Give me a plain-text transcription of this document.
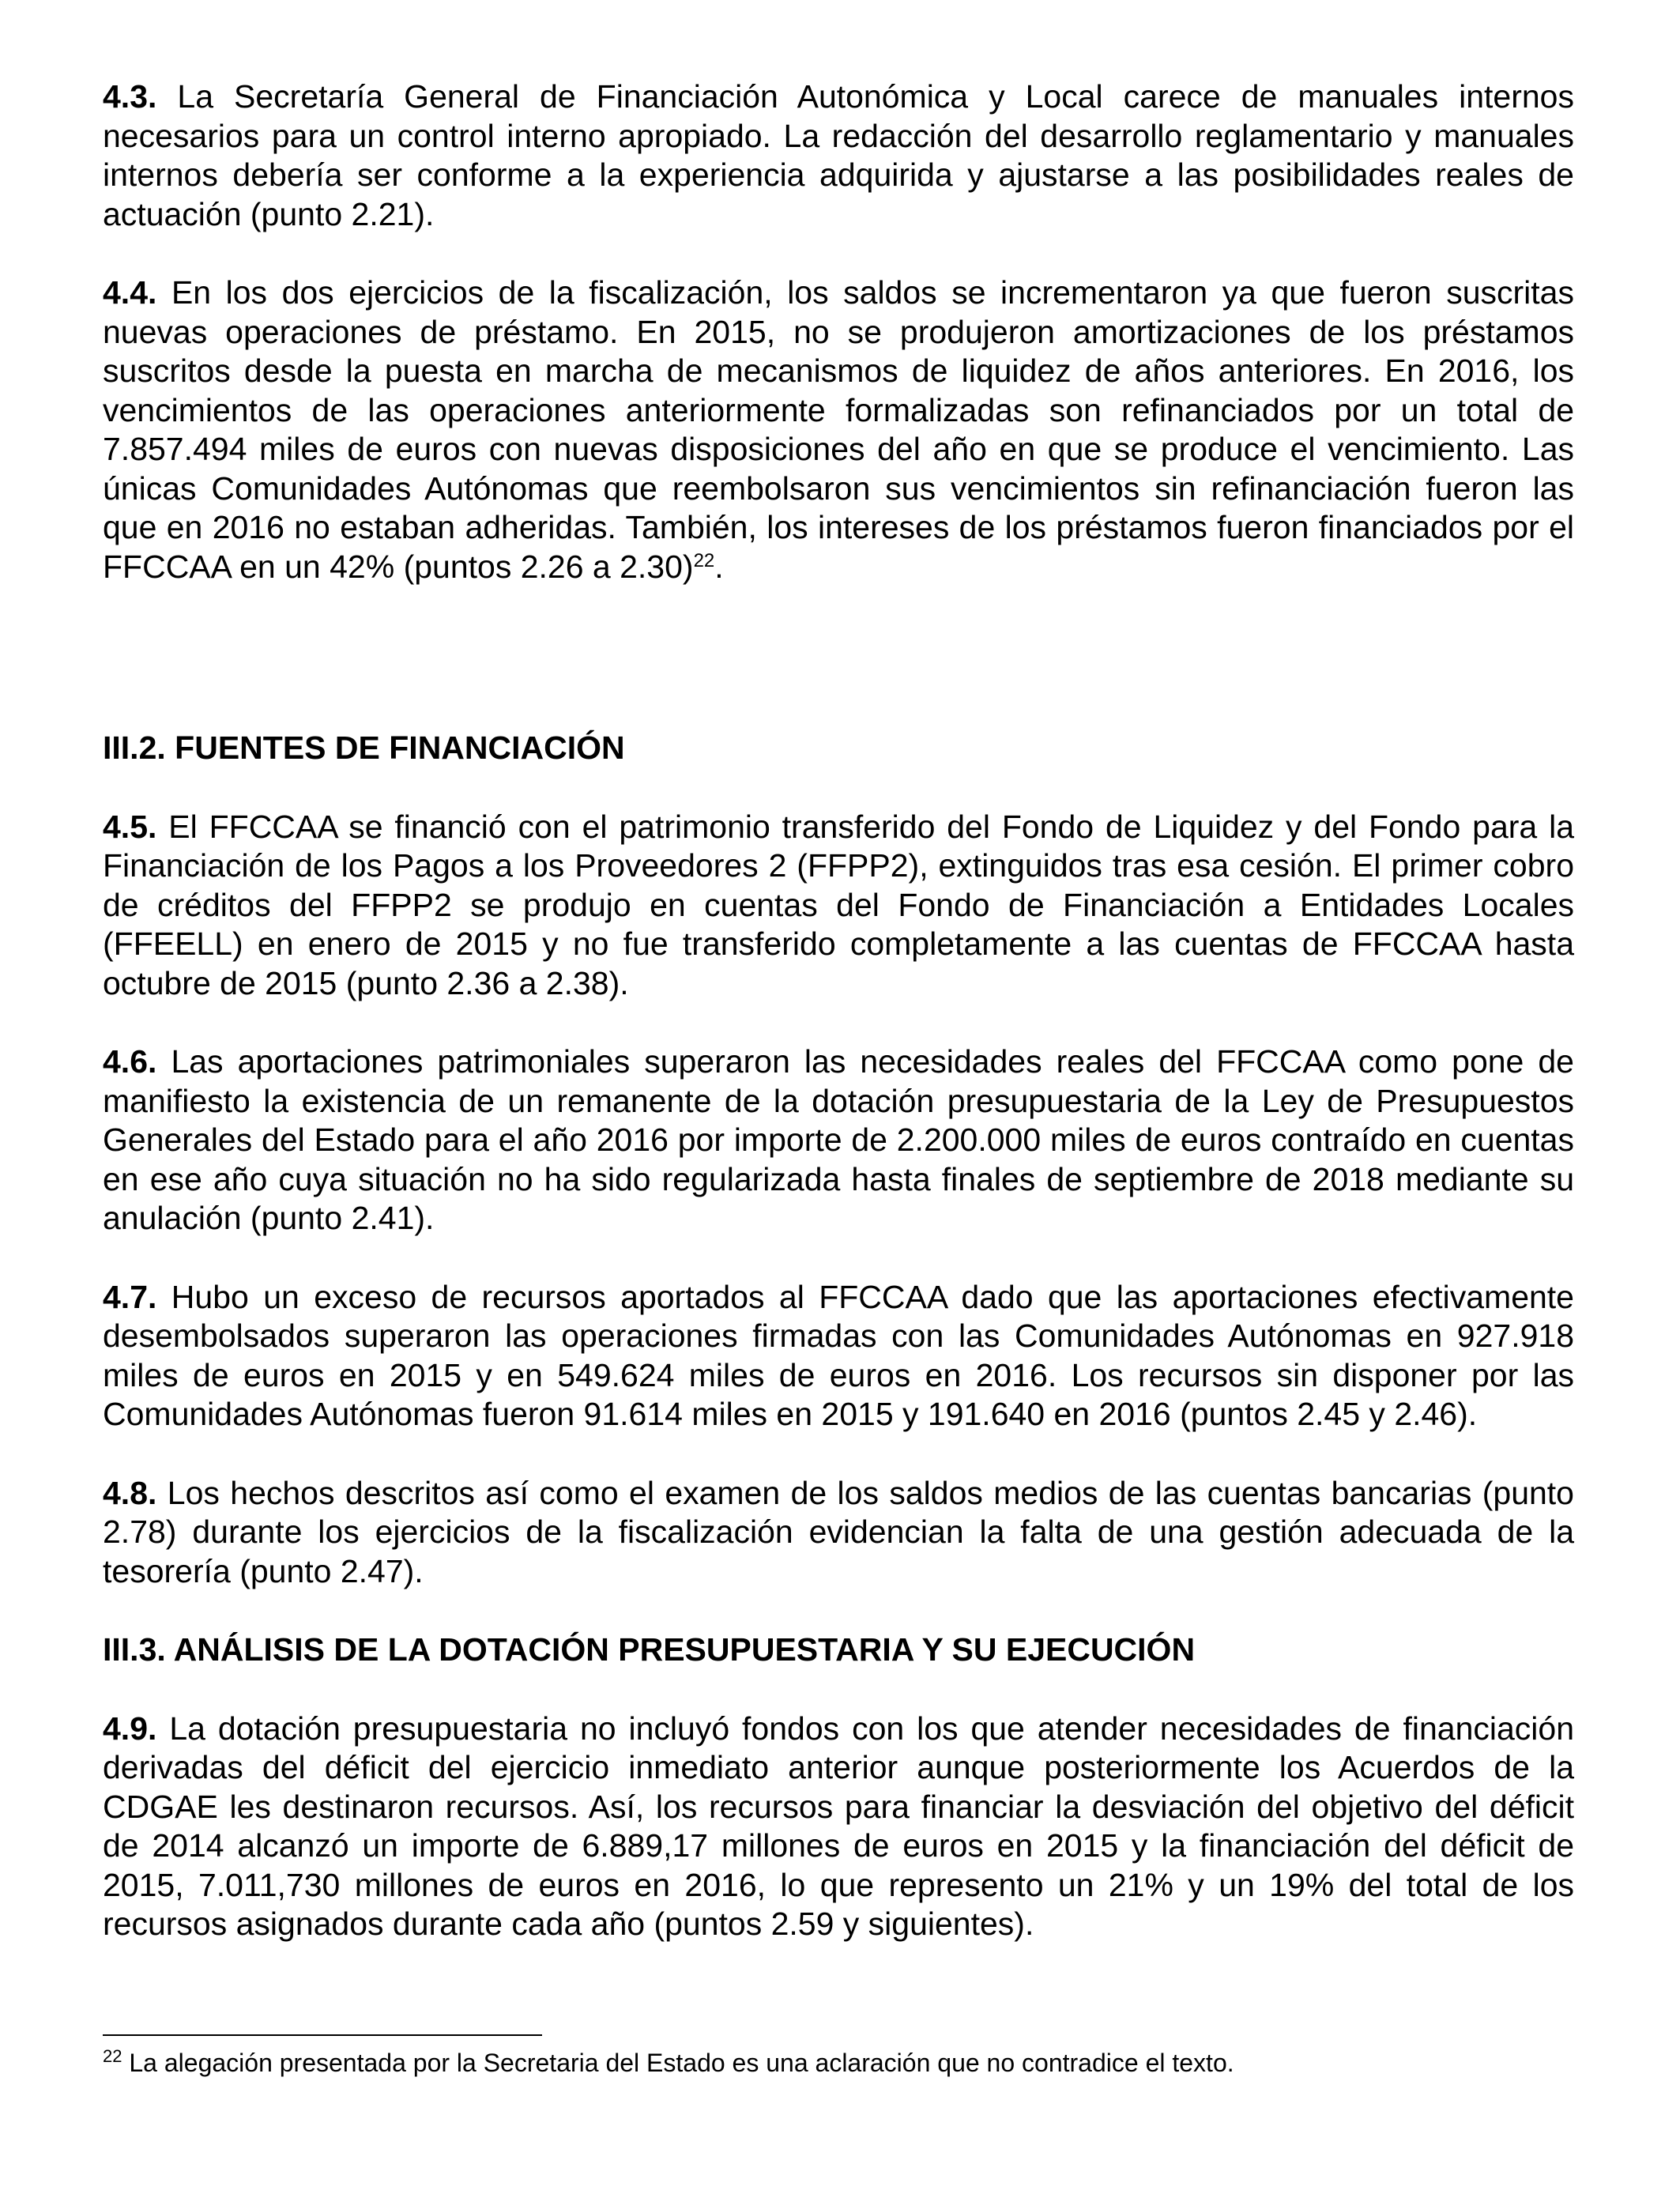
4.3. La Secretaría General de Financiación Autonómica y Local carece de manuales internos necesarios para un control interno apropiado. La redacción del desarrollo reglamentario y manuales internos debería ser conforme a la experiencia adquirida y ajustarse a las posibilidades reales de actuación (punto 2.21).

4.4. En los dos ejercicios de la fiscalización, los saldos se incrementaron ya que fueron suscritas nuevas operaciones de préstamo. En 2015, no se produjeron amortizaciones de los préstamos suscritos desde la puesta en marcha de mecanismos de liquidez de años anteriores. En 2016, los vencimientos de las operaciones anteriormente formalizadas son refinanciados por un total de 7.857.494 miles de euros con nuevas disposiciones del año en que se produce el vencimiento. Las únicas Comunidades Autónomas que reembolsaron sus vencimientos sin refinanciación fueron las que en 2016 no estaban adheridas. También, los intereses de los préstamos fueron financiados por el FFCCAA en un 42% (puntos 2.26 a 2.30)$^{22}$.

III.2. FUENTES DE FINANCIACIÓN

4.5. El FFCCAA se financió con el patrimonio transferido del Fondo de Liquidez y del Fondo para la Financiación de los Pagos a los Proveedores 2 (FFPP2), extinguidos tras esa cesión. El primer cobro de créditos del FFPP2 se produjo en cuentas del Fondo de Financiación a Entidades Locales (FFEELL) en enero de 2015 y no fue transferido completamente a las cuentas de FFCCAA hasta octubre de 2015 (punto 2.36 a 2.38).

4.6. Las aportaciones patrimoniales superaron las necesidades reales del FFCCAA como pone de manifiesto la existencia de un remanente de la dotación presupuestaria de la Ley de Presupuestos Generales del Estado para el año 2016 por importe de 2.200.000 miles de euros contraído en cuentas en ese año cuya situación no ha sido regularizada hasta finales de septiembre de 2018 mediante su anulación (punto 2.41).

4.7. Hubo un exceso de recursos aportados al FFCCAA dado que las aportaciones efectivamente desembolsados superaron las operaciones firmadas con las Comunidades Autónomas en 927.918 miles de euros en 2015 y en 549.624 miles de euros en 2016. Los recursos sin disponer por las Comunidades Autónomas fueron 91.614 miles en 2015 y 191.640 en 2016 (puntos 2.45 y 2.46).

4.8. Los hechos descritos así como el examen de los saldos medios de las cuentas bancarias (punto 2.78) durante los ejercicios de la fiscalización evidencian la falta de una gestión adecuada de la tesorería (punto 2.47).

III.3. ANÁLISIS DE LA DOTACIÓN PRESUPUESTARIA Y SU EJECUCIÓN

4.9. La dotación presupuestaria no incluyó fondos con los que atender necesidades de financiación derivadas del déficit del ejercicio inmediato anterior aunque posteriormente los Acuerdos de la CDGAE les destinaron recursos. Así, los recursos para financiar la desviación del objetivo del déficit de 2014 alcanzó un importe de 6.889,17 millones de euros en 2015 y la financiación del déficit de 2015, 7.011,730 millones de euros en 2016, lo que represento un 21% y un 19% del total de los recursos asignados durante cada año (puntos 2.59 y siguientes).

$^{22}$ La alegación presentada por la Secretaria del Estado es una aclaración que no contradice el texto.
